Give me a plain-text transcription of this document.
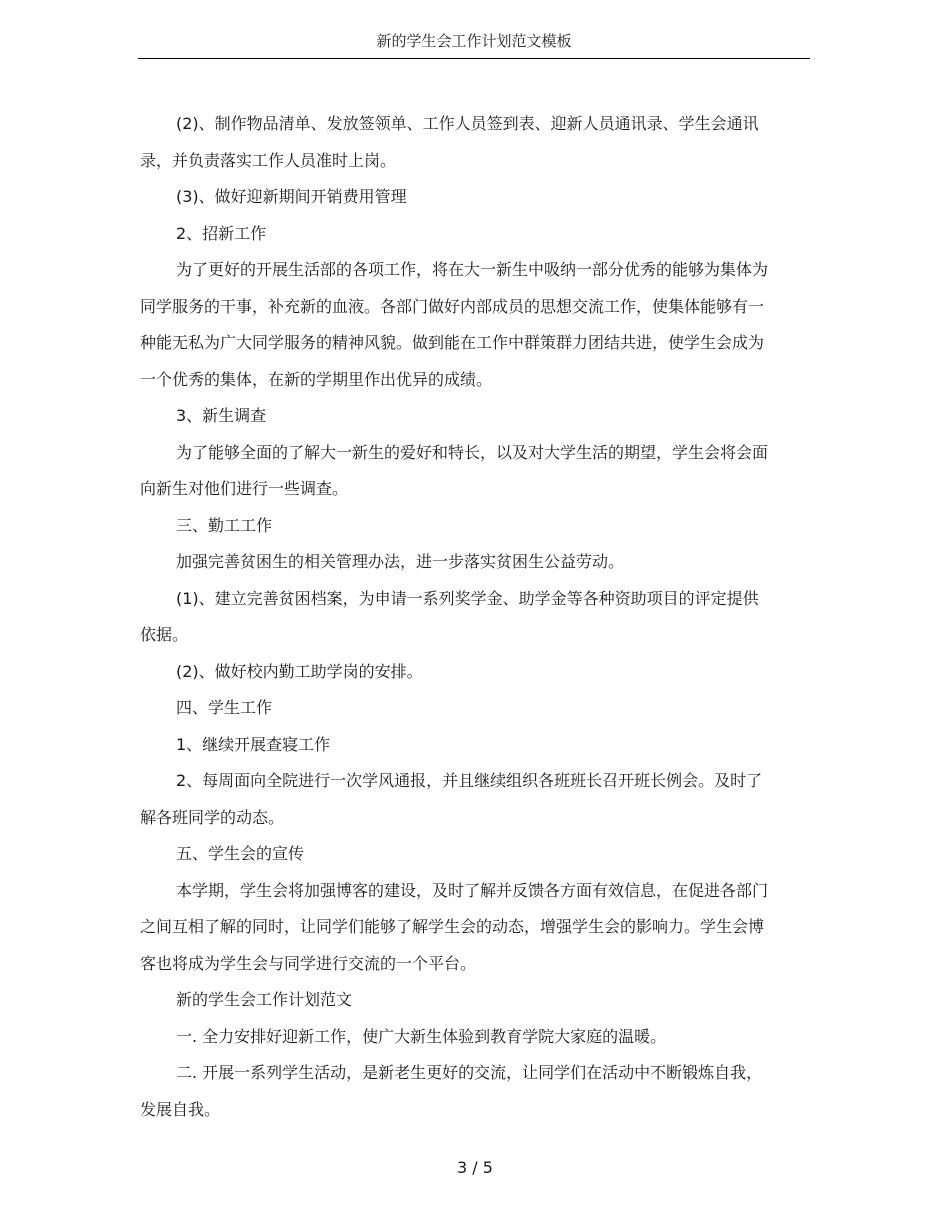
新的学生会工作计划范文模板

(2)、制作物品清单、发放签领单、工作人员签到表、迎新人员通讯录、学生会通讯录，并负责落实工作人员准时上岗。

(3)、做好迎新期间开销费用管理

2、招新工作

为了更好的开展生活部的各项工作，将在大一新生中吸纳一部分优秀的能够为集体为同学服务的干事，补充新的血液。各部门做好内部成员的思想交流工作，使集体能够有一种能无私为广大同学服务的精神风貌。做到能在工作中群策群力团结共进，使学生会成为一个优秀的集体，在新的学期里作出优异的成绩。

3、新生调查

为了能够全面的了解大一新生的爱好和特长，以及对大学生活的期望，学生会将会面向新生对他们进行一些调查。

三、勤工工作

加强完善贫困生的相关管理办法，进一步落实贫困生公益劳动。

(1)、建立完善贫困档案，为申请一系列奖学金、助学金等各种资助项目的评定提供依据。

(2)、做好校内勤工助学岗的安排。

四、学生工作

1、继续开展查寝工作

2、每周面向全院进行一次学风通报，并且继续组织各班班长召开班长例会。及时了解各班同学的动态。

五、学生会的宣传

本学期，学生会将加强博客的建设，及时了解并反馈各方面有效信息，在促进各部门之间互相了解的同时，让同学们能够了解学生会的动态，增强学生会的影响力。学生会博客也将成为学生会与同学进行交流的一个平台。

新的学生会工作计划范文

一. 全力安排好迎新工作，使广大新生体验到教育学院大家庭的温暖。

二. 开展一系列学生活动，是新老生更好的交流，让同学们在活动中不断锻炼自我，发展自我。

3 / 5
